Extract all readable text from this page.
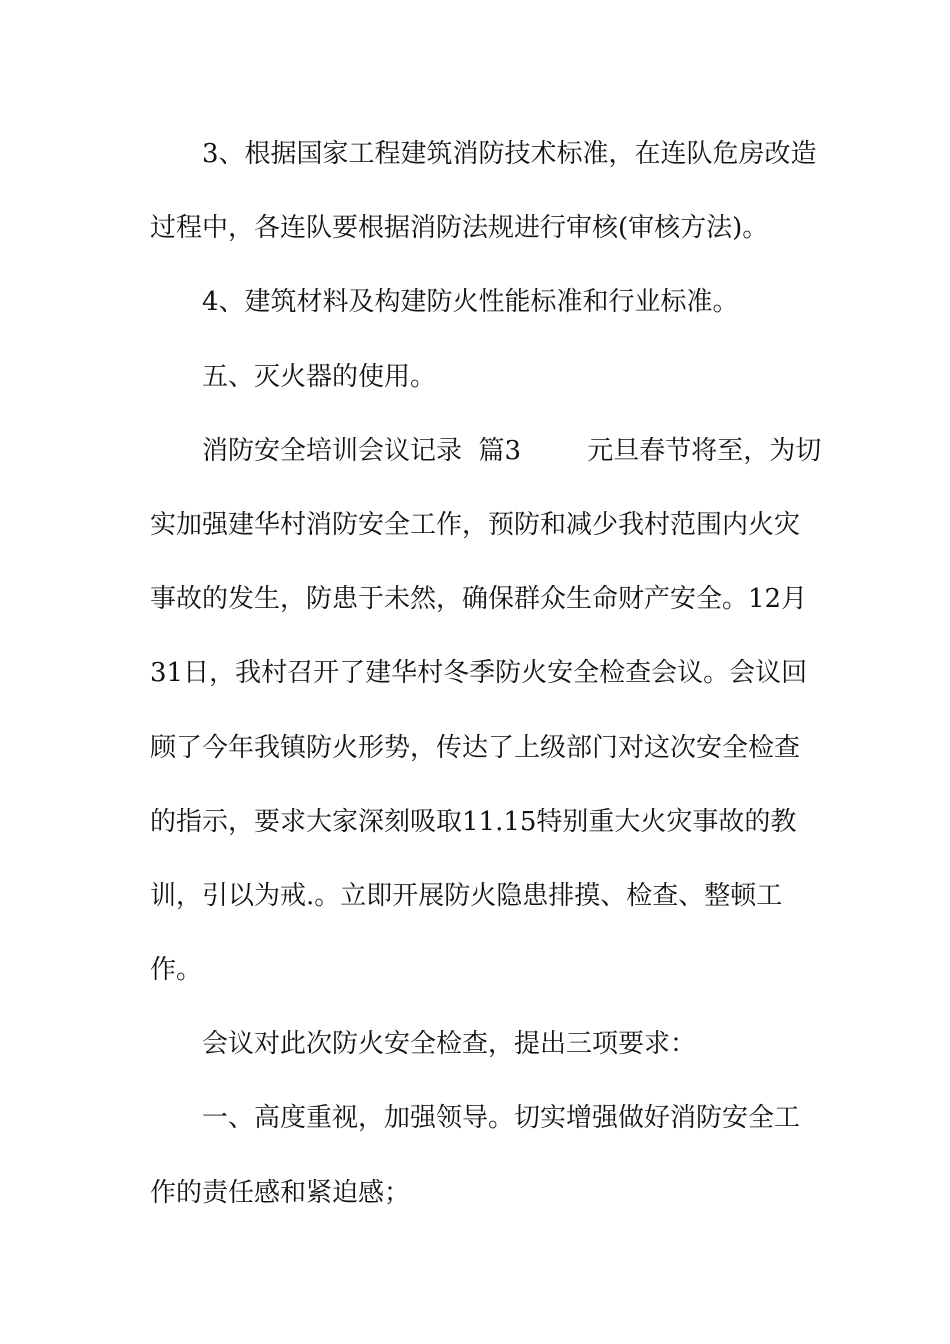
3、根据国家工程建筑消防技术标准，在连队危房改造
过程中，各连队要根据消防法规进行审核(审核方法)。
4、建筑材料及构建防火性能标准和行业标准。
五、灭火器的使用。
消防安全培训会议记录  篇3        元旦春节将至，为切
实加强建华村消防安全工作，预防和减少我村范围内火灾
事故的发生，防患于未然，确保群众生命财产安全。12月
31日，我村召开了建华村冬季防火安全检查会议。会议回
顾了今年我镇防火形势，传达了上级部门对这次安全检查
的指示，要求大家深刻吸取11.15特别重大火灾事故的教
训，引以为戒.。立即开展防火隐患排摸、检查、整顿工
作。
会议对此次防火安全检查，提出三项要求：
一、高度重视，加强领导。切实增强做好消防安全工
作的责任感和紧迫感；
